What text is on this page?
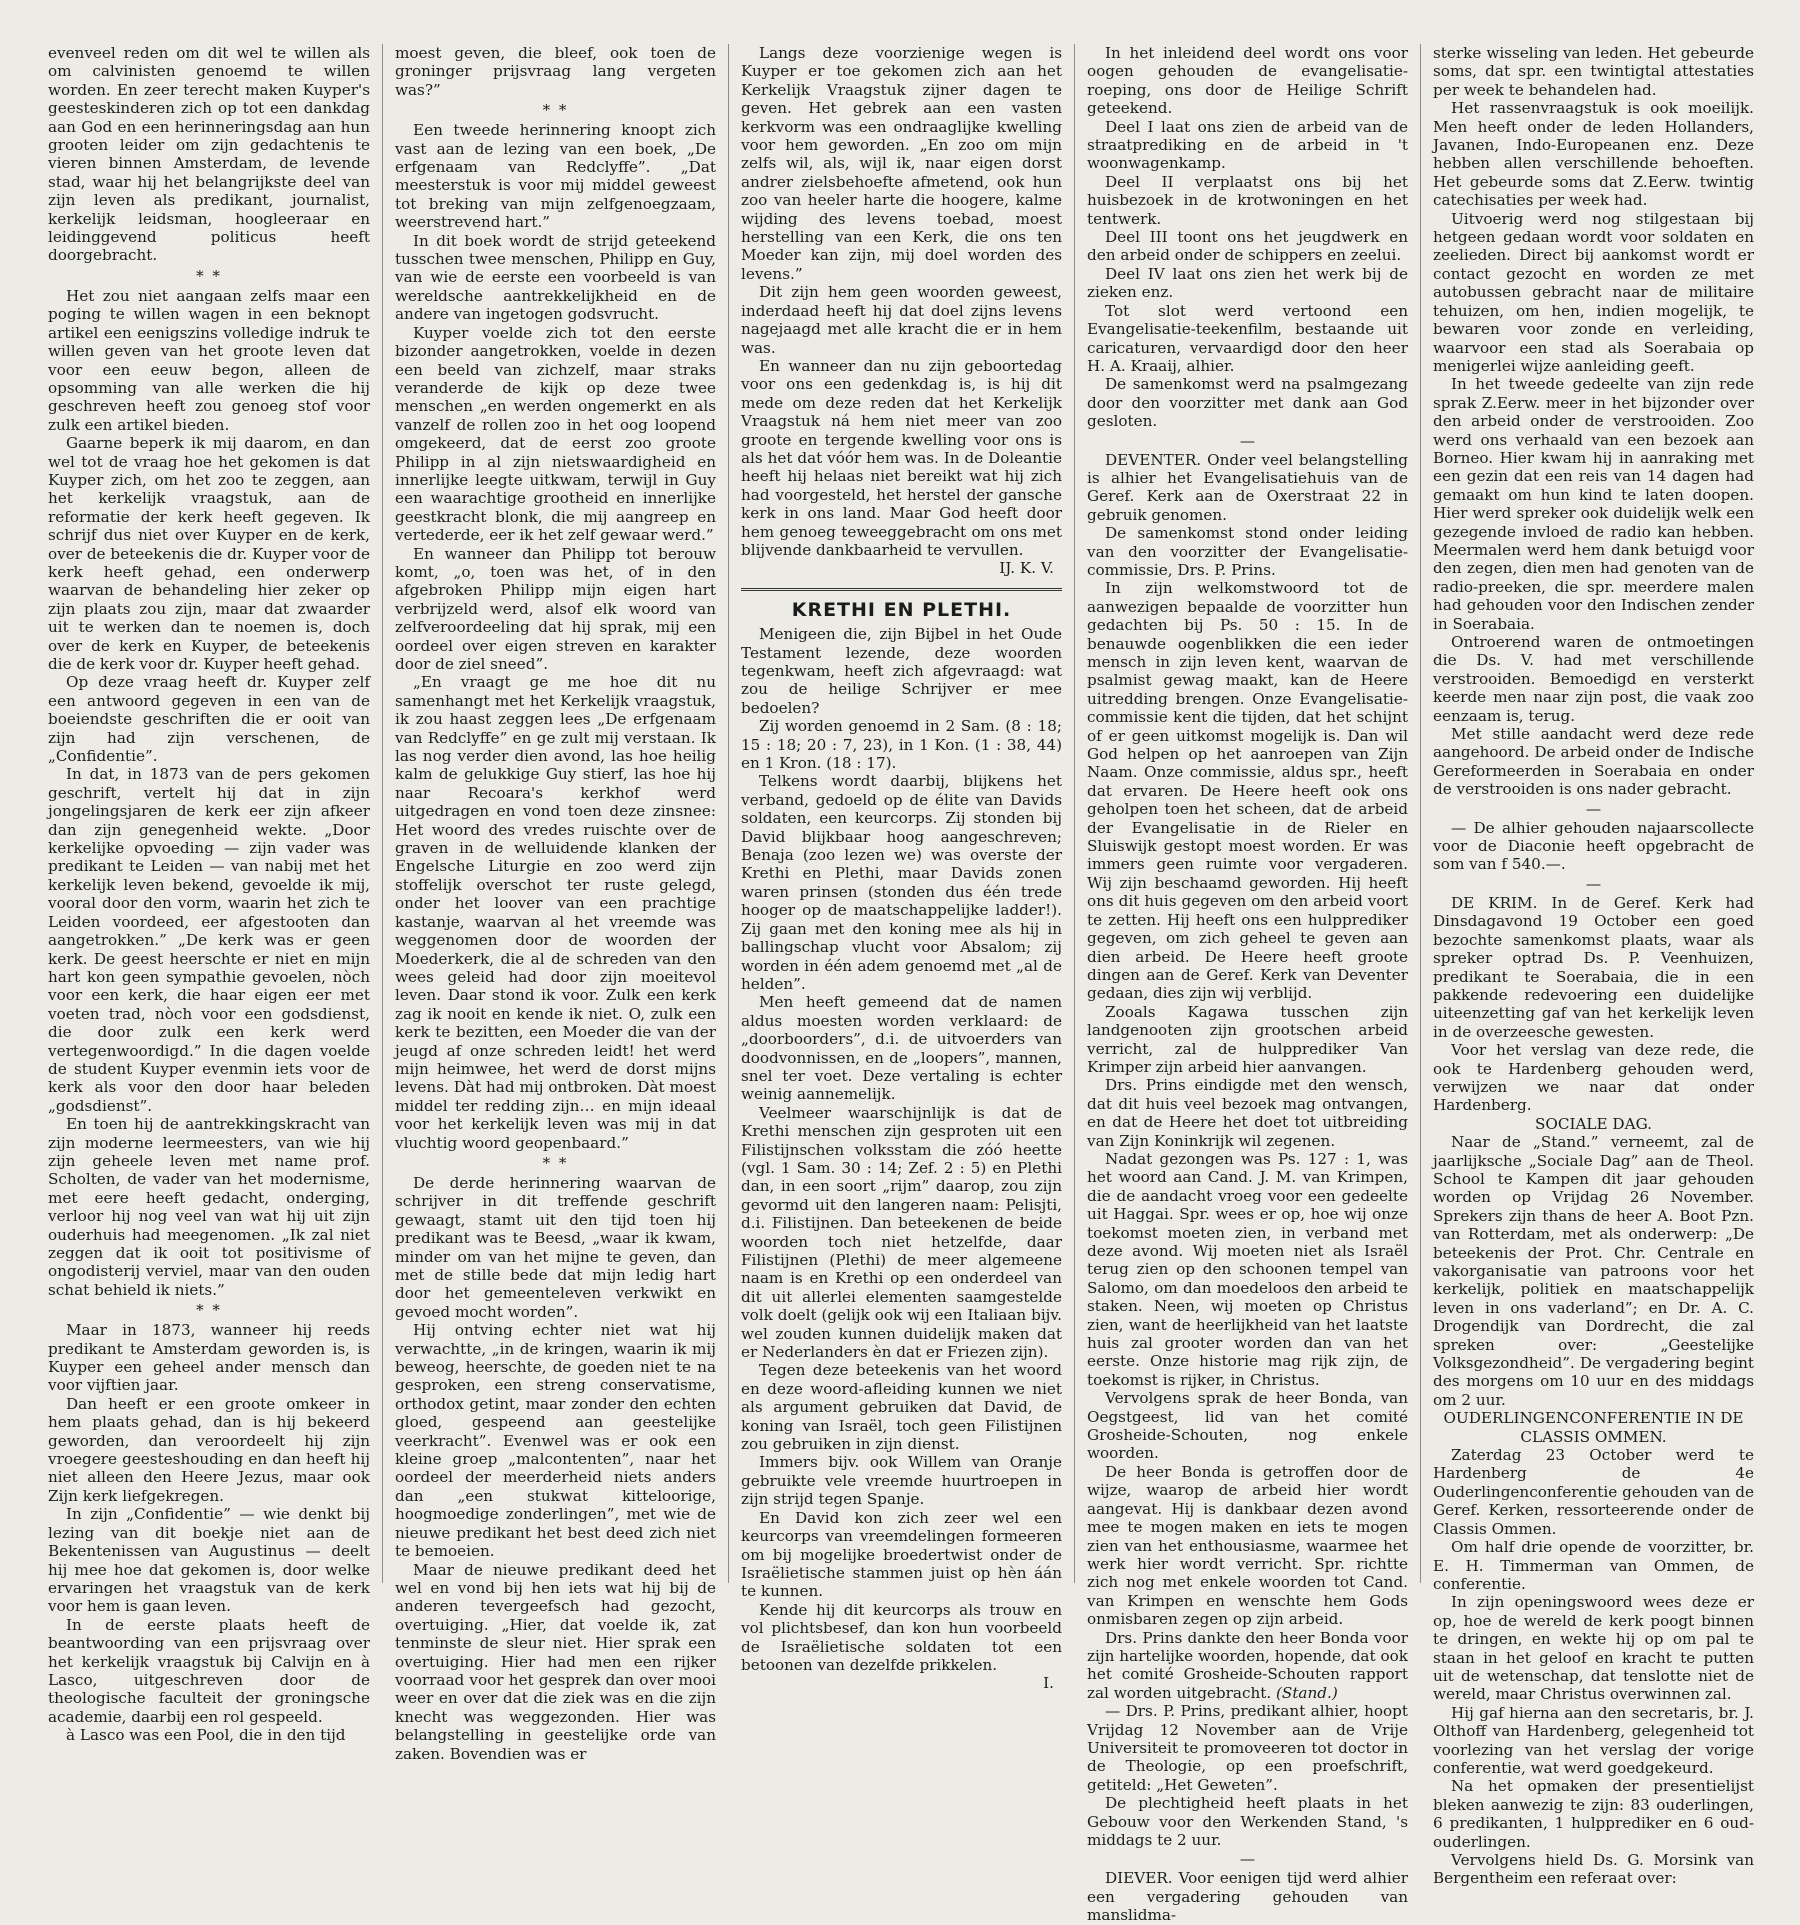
evenveel reden om dit wel te willen als om calvinisten genoemd te willen worden. En zeer terecht maken Kuyper's geesteskinderen zich op tot een dankdag aan God en een herinneringsdag aan hun grooten leider om zijn gedachtenis te vieren binnen Amsterdam, de levende stad, waar hij het belangrijkste deel van zijn leven als predikant, journalist, kerkelijk leidsman, hoogleeraar en leidinggevend politicus heeft doorgebracht.

* *

Het zou niet aangaan zelfs maar een poging te willen wagen in een beknopt artikel een eenigszins volledige indruk te willen geven van het groote leven dat voor een eeuw begon, alleen de opsomming van alle werken die hij geschreven heeft zou genoeg stof voor zulk een artikel bieden.

Gaarne beperk ik mij daarom, en dan wel tot de vraag hoe het gekomen is dat Kuyper zich, om het zoo te zeggen, aan het kerkelijk vraagstuk, aan de reformatie der kerk heeft gegeven. Ik schrijf dus niet over Kuyper en de kerk, over de beteekenis die dr. Kuyper voor de kerk heeft gehad, een onderwerp waarvan de behandeling hier zeker op zijn plaats zou zijn, maar dat zwaarder uit te werken dan te noemen is, doch over de kerk en Kuyper, de beteekenis die de kerk voor dr. Kuyper heeft gehad.

Op deze vraag heeft dr. Kuyper zelf een antwoord gegeven in een van de boeiendste geschriften die er ooit van zijn had zijn verschenen, de „Confidentie”.

In dat, in 1873 van de pers gekomen geschrift, vertelt hij dat in zijn jongelingsjaren de kerk eer zijn afkeer dan zijn genegenheid wekte. „Door kerkelijke opvoeding — zijn vader was predikant te Leiden — van nabij met het kerkelijk leven bekend, gevoelde ik mij, vooral door den vorm, waarin het zich te Leiden voordeed, eer afgestooten dan aangetrokken.” „De kerk was er geen kerk. De geest heerschte er niet en mijn hart kon geen sympathie gevoelen, nòch voor een kerk, die haar eigen eer met voeten trad, nòch voor een godsdienst, die door zulk een kerk werd vertegenwoordigd.” In die dagen voelde de student Kuyper evenmin iets voor de kerk als voor den door haar beleden „godsdienst”.

En toen hij de aantrekkingskracht van zijn moderne leermeesters, van wie hij zijn geheele leven met name prof. Scholten, de vader van het modernisme, met eere heeft gedacht, onderging, verloor hij nog veel van wat hij uit zijn ouderhuis had meegenomen. „Ik zal niet zeggen dat ik ooit tot positivisme of ongodisterij verviel, maar van den ouden schat behield ik niets.”

* *

Maar in 1873, wanneer hij reeds predikant te Amsterdam geworden is, is Kuyper een geheel ander mensch dan voor vijftien jaar.

Dan heeft er een groote omkeer in hem plaats gehad, dan is hij bekeerd geworden, dan veroordeelt hij zijn vroegere geesteshouding en dan heeft hij niet alleen den Heere Jezus, maar ook Zijn kerk liefgekregen.

In zijn „Confidentie” — wie denkt bij lezing van dit boekje niet aan de Bekentenissen van Augustinus — deelt hij mee hoe dat gekomen is, door welke ervaringen het vraagstuk van de kerk voor hem is gaan leven.

In de eerste plaats heeft de beantwoording van een prijsvraag over het kerkelijk vraagstuk bij Calvijn en à Lasco, uitgeschreven door de theologische faculteit der groningsche academie, daarbij een rol gespeeld.

à Lasco was een Pool, die in den tijd

moest geven, die bleef, ook toen de groninger prijsvraag lang vergeten was?”

* *

Een tweede herinnering knoopt zich vast aan de lezing van een boek, „De erfgenaam van Redclyffe”. „Dat meesterstuk is voor mij middel geweest tot breking van mijn zelfgenoegzaam, weerstrevend hart.”

In dit boek wordt de strijd geteekend tusschen twee menschen, Philipp en Guy, van wie de eerste een voorbeeld is van wereldsche aantrekkelijkheid en de andere van ingetogen godsvrucht.

Kuyper voelde zich tot den eerste bizonder aangetrokken, voelde in dezen een beeld van zichzelf, maar straks veranderde de kijk op deze twee menschen „en werden ongemerkt en als vanzelf de rollen zoo in het oog loopend omgekeerd, dat de eerst zoo groote Philipp in al zijn nietswaardigheid en innerlijke leegte uitkwam, terwijl in Guy een waarachtige grootheid en innerlijke geestkracht blonk, die mij aangreep en vertederde, eer ik het zelf gewaar werd.”

En wanneer dan Philipp tot berouw komt, „o, toen was het, of in den afgebroken Philipp mijn eigen hart verbrijzeld werd, alsof elk woord van zelfveroordeeling dat hij sprak, mij een oordeel over eigen streven en karakter door de ziel sneed”.

„En vraagt ge me hoe dit nu samenhangt met het Kerkelijk vraagstuk, ik zou haast zeggen lees „De erfgenaam van Redclyffe” en ge zult mij verstaan. Ik las nog verder dien avond, las hoe heilig kalm de gelukkige Guy stierf, las hoe hij naar Recoara's kerkhof werd uitgedragen en vond toen deze zinsnee: Het woord des vredes ruischte over de graven in de welluidende klanken der Engelsche Liturgie en zoo werd zijn stoffelijk overschot ter ruste gelegd, onder het loover van een prachtige kastanje, waarvan al het vreemde was weggenomen door de woorden der Moederkerk, die al de schreden van den wees geleid had door zijn moeitevol leven. Daar stond ik voor. Zulk een kerk zag ik nooit en kende ik niet. O, zulk een kerk te bezitten, een Moeder die van der jeugd af onze schreden leidt! het werd mijn heimwee, het werd de dorst mijns levens. Dàt had mij ontbroken. Dàt moest middel ter redding zijn… en mijn ideaal voor het kerkelijk leven was mij in dat vluchtig woord geopenbaard.”

* *

De derde herinnering waarvan de schrijver in dit treffende geschrift gewaagt, stamt uit den tijd toen hij predikant was te Beesd, „waar ik kwam, minder om van het mijne te geven, dan met de stille bede dat mijn ledig hart door het gemeenteleven verkwikt en gevoed mocht worden”.

Hij ontving echter niet wat hij verwachtte, „in de kringen, waarin ik mij beweog, heerschte, de goeden niet te na gesproken, een streng conservatisme, orthodox getint, maar zonder den echten gloed, gespeend aan geestelijke veerkracht”. Evenwel was er ook een kleine groep „malcontenten”, naar het oordeel der meerderheid niets anders dan „een stukwat kitteloorige, hoogmoedige zonderlingen”, met wie de nieuwe predikant het best deed zich niet te bemoeien.

Maar de nieuwe predikant deed het wel en vond bij hen iets wat hij bij de anderen tevergeefsch had gezocht, overtuiging. „Hier, dat voelde ik, zat tenminste de sleur niet. Hier sprak een overtuiging. Hier had men een rijker voorraad voor het gesprek dan over mooi weer en over dat die ziek was en die zijn knecht was weggezonden. Hier was belangstelling in geestelijke orde van zaken. Bovendien was er

Langs deze voorzienige wegen is Kuyper er toe gekomen zich aan het Kerkelijk Vraagstuk zijner dagen te geven. Het gebrek aan een vasten kerkvorm was een ondraaglijke kwelling voor hem geworden. „En zoo om mijn zelfs wil, als, wijl ik, naar eigen dorst andrer zielsbehoefte afmetend, ook hun zoo van heeler harte die hoogere, kalme wijding des levens toebad, moest herstelling van een Kerk, die ons ten Moeder kan zijn, mij doel worden des levens.”

Dit zijn hem geen woorden geweest, inderdaad heeft hij dat doel zijns levens nagejaagd met alle kracht die er in hem was.

En wanneer dan nu zijn geboortedag voor ons een gedenkdag is, is hij dit mede om deze reden dat het Kerkelijk Vraagstuk ná hem niet meer van zoo groote en tergende kwelling voor ons is als het dat vóór hem was. In de Doleantie heeft hij helaas niet bereikt wat hij zich had voorgesteld, het herstel der gansche kerk in ons land. Maar God heeft door hem genoeg teweeggebracht om ons met blijvende dankbaarheid te vervullen.

IJ. K. V.
KRETHI EN PLETHI.

Menigeen die, zijn Bijbel in het Oude Testament lezende, deze woorden tegenkwam, heeft zich afgevraagd: wat zou de heilige Schrijver er mee bedoelen?

Zij worden genoemd in 2 Sam. (8 : 18; 15 : 18; 20 : 7, 23), in 1 Kon. (1 : 38, 44) en 1 Kron. (18 : 17).

Telkens wordt daarbij, blijkens het verband, gedoeld op de élite van Davids soldaten, een keurcorps. Zij stonden bij David blijkbaar hoog aangeschreven; Benaja (zoo lezen we) was overste der Krethi en Plethi, maar Davids zonen waren prinsen (stonden dus één trede hooger op de maatschappelijke ladder!). Zij gaan met den koning mee als hij in ballingschap vlucht voor Absalom; zij worden in één adem genoemd met „al de helden”.

Men heeft gemeend dat de namen aldus moesten worden verklaard: de „doorboorders”, d.i. de uitvoerders van doodvonnissen, en de „loopers”, mannen, snel ter voet. Deze vertaling is echter weinig aannemelijk.

Veelmeer waarschijnlijk is dat de Krethi menschen zijn gesproten uit een Filistijnschen volksstam die zóó heette (vgl. 1 Sam. 30 : 14; Zef. 2 : 5) en Plethi dan, in een soort „rijm” daarop, zou zijn gevormd uit den langeren naam: Pelisjti, d.i. Filistijnen. Dan beteekenen de beide woorden toch niet hetzelfde, daar Filistijnen (Plethi) de meer algemeene naam is en Krethi op een onderdeel van dit uit allerlei elementen saamgestelde volk doelt (gelijk ook wij een Italiaan bijv. wel zouden kunnen duidelijk maken dat er Nederlanders èn dat er Friezen zijn).

Tegen deze beteekenis van het woord en deze woord-afleiding kunnen we niet als argument gebruiken dat David, de koning van Israël, toch geen Filistijnen zou gebruiken in zijn dienst.

Immers bijv. ook Willem van Oranje gebruikte vele vreemde huurtroepen in zijn strijd tegen Spanje.

En David kon zich zeer wel een keurcorps van vreemdelingen formeeren om bij mogelijke broedertwist onder de Israëlietische stammen juist op hèn áán te kunnen.

Kende hij dit keurcorps als trouw en vol plichtsbesef, dan kon hun voorbeeld de Israëlietische soldaten tot een betoonen van dezelfde prikkelen.

I.

In het inleidend deel wordt ons voor oogen gehouden de evangelisatie-roeping, ons door de Heilige Schrift geteekend.

Deel I laat ons zien de arbeid van de straatprediking en de arbeid in 't woonwagenkamp.

Deel II verplaatst ons bij het huisbezoek in de krotwoningen en het tentwerk.

Deel III toont ons het jeugdwerk en den arbeid onder de schippers en zeelui.

Deel IV laat ons zien het werk bij de zieken enz.

Tot slot werd vertoond een Evangelisatie-teekenfilm, bestaande uit caricaturen, vervaardigd door den heer H. A. Kraaij, alhier.

De samenkomst werd na psalmgezang door den voorzitter met dank aan God gesloten.

—

DEVENTER. Onder veel belangstelling is alhier het Evangelisatiehuis van de Geref. Kerk aan de Oxerstraat 22 in gebruik genomen.

De samenkomst stond onder leiding van den voorzitter der Evangelisatie-commissie, Drs. P. Prins.

In zijn welkomstwoord tot de aanwezigen bepaalde de voorzitter hun gedachten bij Ps. 50 : 15. In de benauwde oogenblikken die een ieder mensch in zijn leven kent, waarvan de psalmist gewag maakt, kan de Heere uitredding brengen. Onze Evangelisatie-commissie kent die tijden, dat het schijnt of er geen uitkomst mogelijk is. Dan wil God helpen op het aanroepen van Zijn Naam. Onze commissie, aldus spr., heeft dat ervaren. De Heere heeft ook ons geholpen toen het scheen, dat de arbeid der Evangelisatie in de Rieler en Sluiswijk gestopt moest worden. Er was immers geen ruimte voor vergaderen. Wij zijn beschaamd geworden. Hij heeft ons dit huis gegeven om den arbeid voort te zetten. Hij heeft ons een hulpprediker gegeven, om zich geheel te geven aan dien arbeid. De Heere heeft groote dingen aan de Geref. Kerk van Deventer gedaan, dies zijn wij verblijd.

Zooals Kagawa tusschen zijn landgenooten zijn grootschen arbeid verricht, zal de hulpprediker Van Krimper zijn arbeid hier aanvangen.

Drs. Prins eindigde met den wensch, dat dit huis veel bezoek mag ontvangen, en dat de Heere het doet tot uitbreiding van Zijn Koninkrijk wil zegenen.

Nadat gezongen was Ps. 127 : 1, was het woord aan Cand. J. M. van Krimpen, die de aandacht vroeg voor een gedeelte uit Haggai. Spr. wees er op, hoe wij onze toekomst moeten zien, in verband met deze avond. Wij moeten niet als Israël terug zien op den schoonen tempel van Salomo, om dan moedeloos den arbeid te staken. Neen, wij moeten op Christus zien, want de heerlijkheid van het laatste huis zal grooter worden dan van het eerste. Onze historie mag rijk zijn, de toekomst is rijker, in Christus.

Vervolgens sprak de heer Bonda, van Oegstgeest, lid van het comité Grosheide-Schouten, nog enkele woorden.

De heer Bonda is getroffen door de wijze, waarop de arbeid hier wordt aangevat. Hij is dankbaar dezen avond mee te mogen maken en iets te mogen zien van het enthousiasme, waarmee het werk hier wordt verricht. Spr. richtte zich nog met enkele woorden tot Cand. van Krimpen en wenschte hem Gods onmisbaren zegen op zijn arbeid.

Drs. Prins dankte den heer Bonda voor zijn hartelijke woorden, hopende, dat ook het comité Grosheide-Schouten rapport zal worden uitgebracht. (Stand.)

— Drs. P. Prins, predikant alhier, hoopt Vrijdag 12 November aan de Vrije Universiteit te promoveeren tot doctor in de Theologie, op een proefschrift, getiteld: „Het Geweten”.

De plechtigheid heeft plaats in het Gebouw voor den Werkenden Stand, 's middags te 2 uur.

—

DIEVER. Voor eenigen tijd werd alhier een vergadering gehouden van manslidma-

sterke wisseling van leden. Het gebeurde soms, dat spr. een twintigtal attestaties per week te behandelen had.

Het rassenvraagstuk is ook moeilijk. Men heeft onder de leden Hollanders, Javanen, Indo-Europeanen enz. Deze hebben allen verschillende behoeften. Het gebeurde soms dat Z.Eerw. twintig catechisaties per week had.

Uitvoerig werd nog stilgestaan bij hetgeen gedaan wordt voor soldaten en zeelieden. Direct bij aankomst wordt er contact gezocht en worden ze met autobussen gebracht naar de militaire tehuizen, om hen, indien mogelijk, te bewaren voor zonde en verleiding, waarvoor een stad als Soerabaia op menigerlei wijze aanleiding geeft.

In het tweede gedeelte van zijn rede sprak Z.Eerw. meer in het bijzonder over den arbeid onder de verstrooiden. Zoo werd ons verhaald van een bezoek aan Borneo. Hier kwam hij in aanraking met een gezin dat een reis van 14 dagen had gemaakt om hun kind te laten doopen. Hier werd spreker ook duidelijk welk een gezegende invloed de radio kan hebben. Meermalen werd hem dank betuigd voor den zegen, dien men had genoten van de radio-preeken, die spr. meerdere malen had gehouden voor den Indischen zender in Soerabaia.

Ontroerend waren de ontmoetingen die Ds. V. had met verschillende verstrooiden. Bemoedigd en versterkt keerde men naar zijn post, die vaak zoo eenzaam is, terug.

Met stille aandacht werd deze rede aangehoord. De arbeid onder de Indische Gereformeerden in Soerabaia en onder de verstrooiden is ons nader gebracht.

—

— De alhier gehouden najaarscollecte voor de Diaconie heeft opgebracht de som van f 540.—.

—

DE KRIM. In de Geref. Kerk had Dinsdagavond 19 October een goed bezochte samenkomst plaats, waar als spreker optrad Ds. P. Veenhuizen, predikant te Soerabaia, die in een pakkende redevoering een duidelijke uiteenzetting gaf van het kerkelijk leven in de overzeesche gewesten.

Voor het verslag van deze rede, die ook te Hardenberg gehouden werd, verwijzen we naar dat onder Hardenberg.

SOCIALE DAG.

Naar de „Stand.” verneemt, zal de jaarlijksche „Sociale Dag” aan de Theol. School te Kampen dit jaar gehouden worden op Vrijdag 26 November. Sprekers zijn thans de heer A. Boot Pzn. van Rotterdam, met als onderwerp: „De beteekenis der Prot. Chr. Centrale en vakorganisatie van patroons voor het kerkelijk, politiek en maatschappelijk leven in ons vaderland”; en Dr. A. C. Drogendijk van Dordrecht, die zal spreken over: „Geestelijke Volksgezondheid”. De vergadering begint des morgens om 10 uur en des middags om 2 uur.

OUDERLINGENCONFERENTIE IN DE CLASSIS OMMEN.

Zaterdag 23 October werd te Hardenberg de 4e Ouderlingenconferentie gehouden van de Geref. Kerken, ressorteerende onder de Classis Ommen.

Om half drie opende de voorzitter, br. E. H. Timmerman van Ommen, de conferentie.

In zijn openingswoord wees deze er op, hoe de wereld de kerk poogt binnen te dringen, en wekte hij op om pal te staan in het geloof en kracht te putten uit de wetenschap, dat tenslotte niet de wereld, maar Christus overwinnen zal.

Hij gaf hierna aan den secretaris, br. J. Olthoff van Hardenberg, gelegenheid tot voorlezing van het verslag der vorige conferentie, wat werd goedgekeurd.

Na het opmaken der presentielijst bleken aanwezig te zijn: 83 ouderlingen, 6 predikanten, 1 hulpprediker en 6 oud-ouderlingen.

Vervolgens hield Ds. G. Morsink van Bergentheim een referaat over:
